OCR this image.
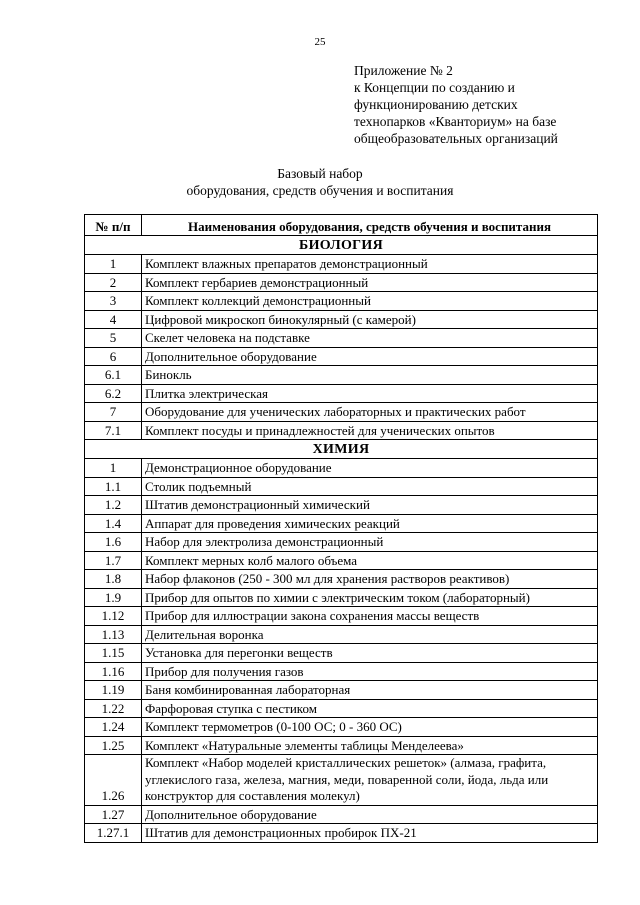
25
Приложение № 2
к Концепции по созданию и
функционированию детских
технопарков «Кванториум» на базе
общеобразовательных организаций
Базовый набор
оборудования, средств обучения и воспитания
№ п/п	Наименования оборудования, средств обучения и воспитания
БИОЛОГИЯ	
1	Комплект влажных препаратов демонстрационный
2	Комплект гербариев демонстрационный
3	Комплект коллекций демонстрационный
4	Цифровой микроскоп бинокулярный (с камерой)
5	Скелет человека на подставке
6	Дополнительное оборудование
6.1	Бинокль
6.2	Плитка электрическая
7	Оборудование для ученических лабораторных и практических работ
7.1	Комплект посуды и принадлежностей для ученических опытов
ХИМИЯ	
1	Демонстрационное оборудование
1.1	Столик подъемный
1.2	Штатив демонстрационный химический
1.4	Аппарат для проведения химических реакций
1.6	Набор для электролиза демонстрационный
1.7	Комплект мерных колб малого объема
1.8	Набор флаконов (250 - 300 мл для хранения растворов реактивов)
1.9	Прибор для опытов по химии с электрическим током (лабораторный)
1.12	Прибор для иллюстрации закона сохранения массы веществ
1.13	Делительная воронка
1.15	Установка для перегонки веществ
1.16	Прибор для получения газов
1.19	Баня комбинированная лабораторная
1.22	Фарфоровая ступка с пестиком
1.24	Комплект термометров (0-100 ОС; 0 - 360 ОС)
1.25	Комплект «Натуральные элементы таблицы Менделеева»
1.26	Комплект «Набор моделей кристаллических решеток» (алмаза, графита, углекислого газа, железа, магния, меди, поваренной соли, йода, льда или конструктор для составления молекул)
1.27	Дополнительное оборудование
1.27.1	Штатив для демонстрационных пробирок ПХ-21
